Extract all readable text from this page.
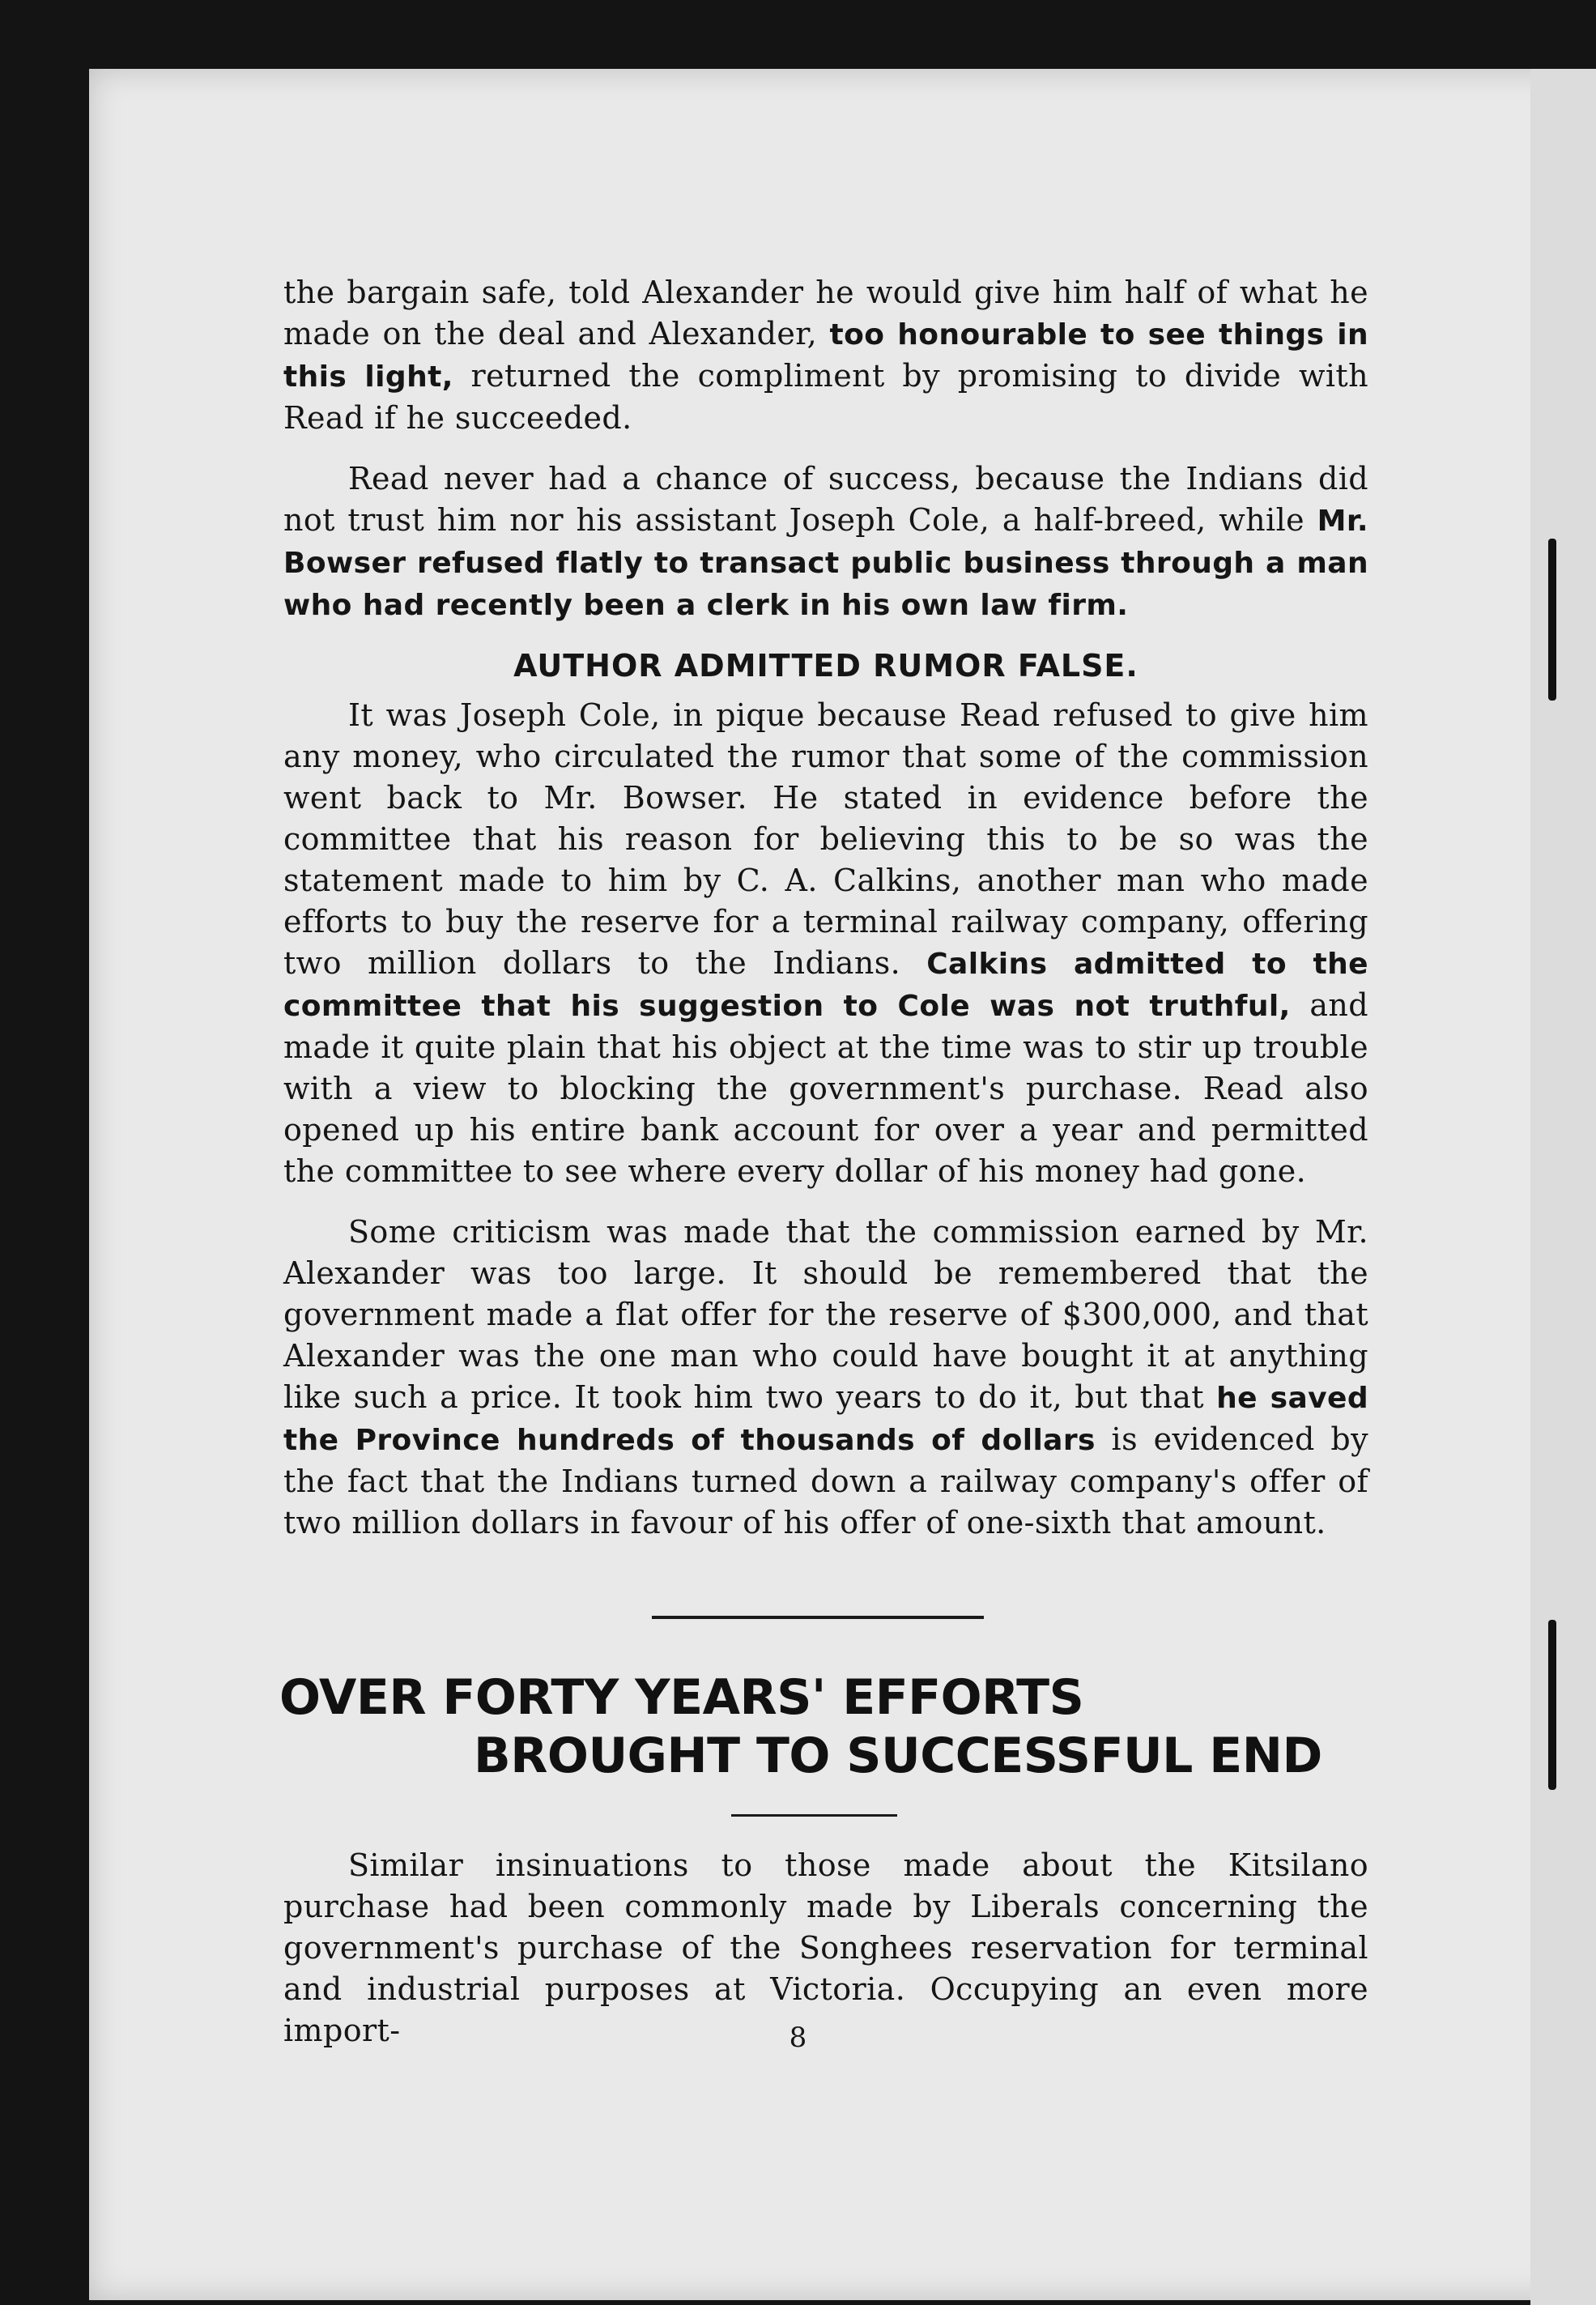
the bargain safe, told Alexander he would give him half of what he made on the deal and Alexander, too honourable to see things in this light, returned the compliment by promising to divide with Read if he succeeded.

Read never had a chance of success, because the Indians did not trust him nor his assistant Joseph Cole, a half-breed, while Mr. Bowser refused flatly to transact public business through a man who had recently been a clerk in his own law firm.

AUTHOR ADMITTED RUMOR FALSE.

It was Joseph Cole, in pique because Read refused to give him any money, who circulated the rumor that some of the commission went back to Mr. Bowser. He stated in evidence before the committee that his reason for believing this to be so was the statement made to him by C. A. Calkins, another man who made efforts to buy the reserve for a terminal railway company, offering two million dollars to the Indians. Calkins admitted to the committee that his suggestion to Cole was not truthful, and made it quite plain that his object at the time was to stir up trouble with a view to blocking the government's purchase. Read also opened up his entire bank account for over a year and permitted the committee to see where every dollar of his money had gone.

Some criticism was made that the commission earned by Mr. Alexander was too large. It should be remembered that the government made a flat offer for the reserve of $300,000, and that Alexander was the one man who could have bought it at anything like such a price. It took him two years to do it, but that he saved the Province hundreds of thousands of dollars is evidenced by the fact that the Indians turned down a railway company's offer of two million dollars in favour of his offer of one-sixth that amount.

OVER FORTY YEARS' EFFORTS
BROUGHT TO SUCCESSFUL END

Similar insinuations to those made about the Kitsilano purchase had been commonly made by Liberals concerning the government's purchase of the Songhees reservation for terminal and industrial purposes at Victoria. Occupying an even more import-	8
